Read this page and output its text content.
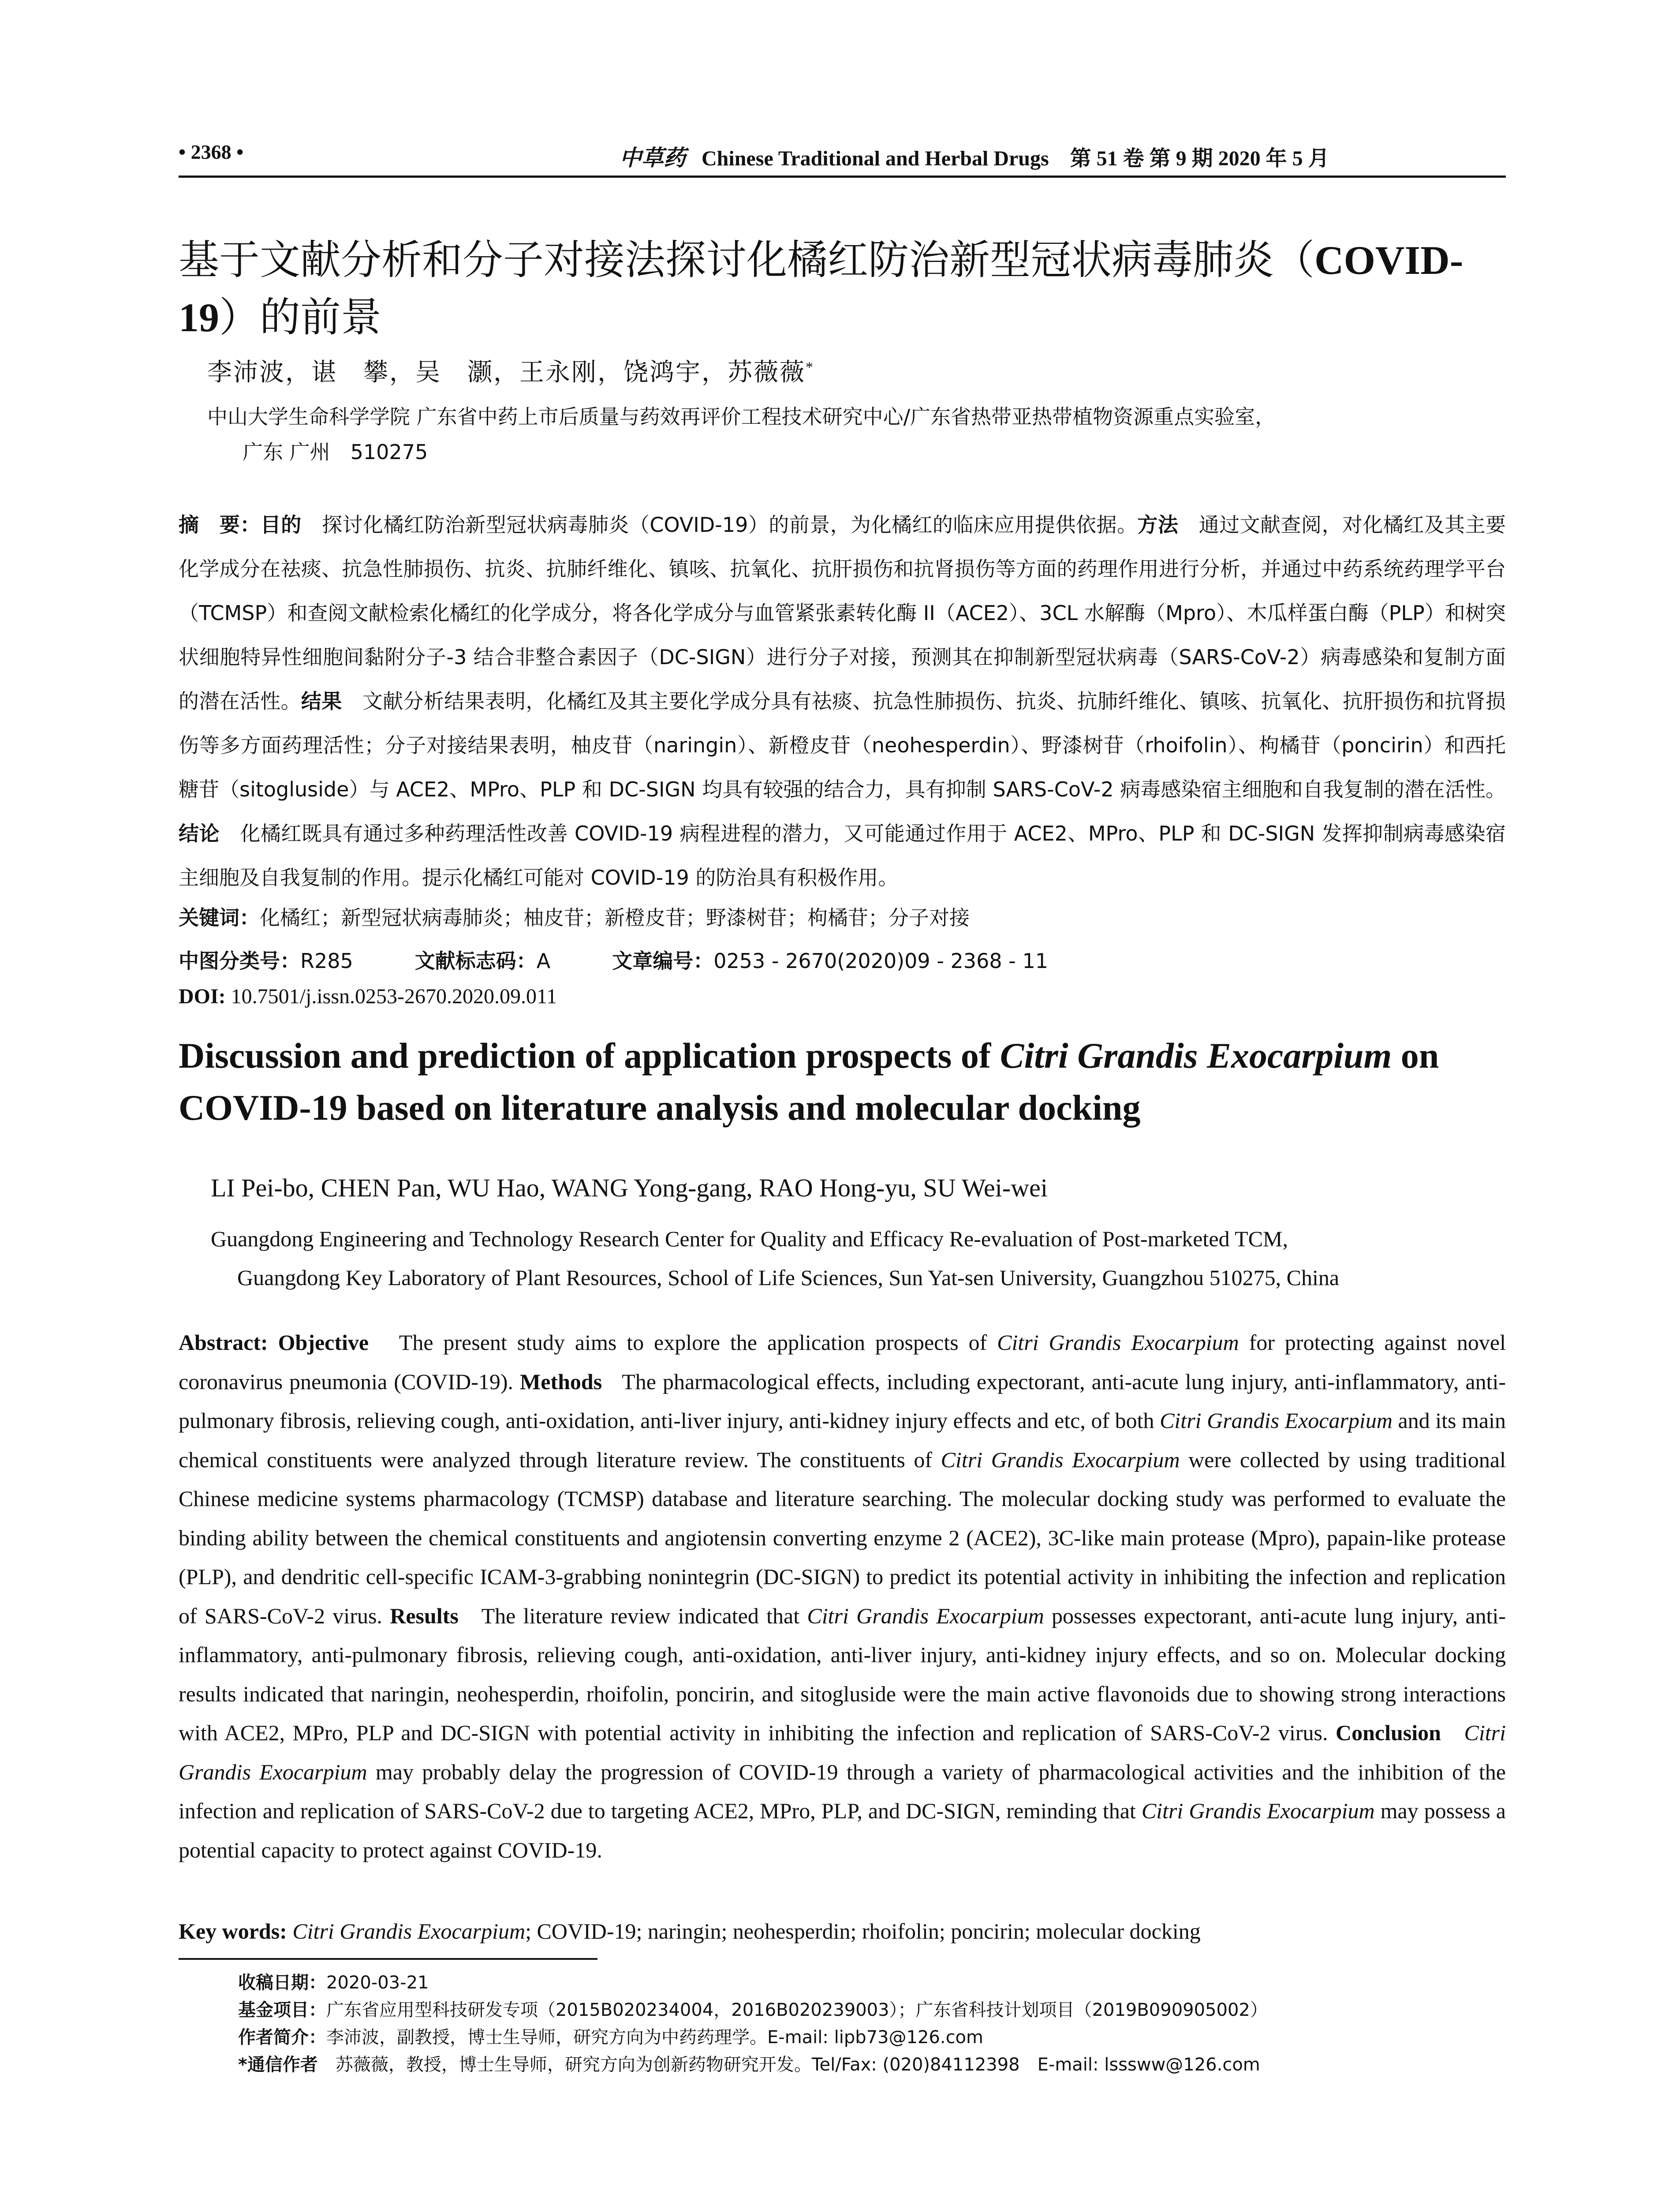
• 2368 •	中草药 Chinese Traditional and Herbal Drugs　第 51 卷 第 9 期 2020 年 5 月
基于文献分析和分子对接法探讨化橘红防治新型冠状病毒肺炎（COVID-19）的前景
李沛波，谌　攀，吴　灏，王永刚，饶鸿宇，苏薇薇*
中山大学生命科学学院 广东省中药上市后质量与药效再评价工程技术研究中心/广东省热带亚热带植物资源重点实验室，
广东 广州　510275
摘　要：目的　 探讨化橘红防治新型冠状病毒肺炎（COVID-19）的前景，为化橘红的临床应用提供依据。方法　 通过文献查阅，对化橘红及其主要化学成分在祛痰、抗急性肺损伤、抗炎、抗肺纤维化、镇咳、抗氧化、抗肝损伤和抗肾损伤等方面的药理作用进行分析，并通过中药系统药理学平台（TCMSP）和查阅文献检索化橘红的化学成分，将各化学成分与血管紧张素转化酶 II（ACE2）、3CL 水解酶（Mpro）、木瓜样蛋白酶（PLP）和树突状细胞特异性细胞间黏附分子-3 结合非整合素因子（DC-SIGN）进行分子对接，预测其在抑制新型冠状病毒（SARS-CoV-2）病毒感染和复制方面的潜在活性。结果　 文献分析结果表明，化橘红及其主要化学成分具有祛痰、抗急性肺损伤、抗炎、抗肺纤维化、镇咳、抗氧化、抗肝损伤和抗肾损伤等多方面药理活性；分子对接结果表明，柚皮苷（naringin）、新橙皮苷（neohesperdin）、野漆树苷（rhoifolin）、枸橘苷（poncirin）和西托糖苷（sitogluside）与 ACE2、MPro、PLP 和 DC-SIGN 均具有较强的结合力，具有抑制 SARS-CoV-2 病毒感染宿主细胞和自我复制的潜在活性。结论　 化橘红既具有通过多种药理活性改善 COVID-19 病程进程的潜力，又可能通过作用于 ACE2、MPro、PLP 和 DC-SIGN 发挥抑制病毒感染宿主细胞及自我复制的作用。提示化橘红可能对 COVID-19 的防治具有积极作用。
关键词：化橘红；新型冠状病毒肺炎；柚皮苷；新橙皮苷；野漆树苷；枸橘苷；分子对接
中图分类号：R285	文献标志码：A	文章编号：0253 - 2670(2020)09 - 2368 - 11
DOI: 10.7501/j.issn.0253-2670.2020.09.011
Discussion and prediction of application prospects of Citri Grandis Exocarpium on COVID-19 based on literature analysis and molecular docking
LI Pei-bo, CHEN Pan, WU Hao, WANG Yong-gang, RAO Hong-yu, SU Wei-wei
Guangdong Engineering and Technology Research Center for Quality and Efficacy Re-evaluation of Post-marketed TCM,
Guangdong Key Laboratory of Plant Resources, School of Life Sciences, Sun Yat-sen University, Guangzhou 510275, China
Abstract: Objective The present study aims to explore the application prospects of Citri Grandis Exocarpium for protecting against novel coronavirus pneumonia (COVID-19). Methods The pharmacological effects, including expectorant, anti-acute lung injury, anti-inflammatory, anti-pulmonary fibrosis, relieving cough, anti-oxidation, anti-liver injury, anti-kidney injury effects and etc, of both Citri Grandis Exocarpium and its main chemical constituents were analyzed through literature review. The constituents of Citri Grandis Exocarpium were collected by using traditional Chinese medicine systems pharmacology (TCMSP) database and literature searching. The molecular docking study was performed to evaluate the binding ability between the chemical constituents and angiotensin converting enzyme 2 (ACE2), 3C-like main protease (Mpro), papain-like protease (PLP), and dendritic cell-specific ICAM-3-grabbing nonintegrin (DC-SIGN) to predict its potential activity in inhibiting the infection and replication of SARS-CoV-2 virus. Results The literature review indicated that Citri Grandis Exocarpium possesses expectorant, anti-acute lung injury, anti-inflammatory, anti-pulmonary fibrosis, relieving cough, anti-oxidation, anti-liver injury, anti-kidney injury effects, and so on. Molecular docking results indicated that naringin, neohesperdin, rhoifolin, poncirin, and sitogluside were the main active flavonoids due to showing strong interactions with ACE2, MPro, PLP and DC-SIGN with potential activity in inhibiting the infection and replication of SARS-CoV-2 virus. Conclusion Citri Grandis Exocarpium may probably delay the progression of COVID-19 through a variety of pharmacological activities and the inhibition of the infection and replication of SARS-CoV-2 due to targeting ACE2, MPro, PLP, and DC-SIGN, reminding that Citri Grandis Exocarpium may possess a potential capacity to protect against COVID-19.
Key words: Citri Grandis Exocarpium; COVID-19; naringin; neohesperdin; rhoifolin; poncirin; molecular docking
收稿日期：2020-03-21
基金项目：广东省应用型科技研发专项（2015B020234004，2016B020239003）；广东省科技计划项目（2019B090905002）
作者简介：李沛波，副教授，博士生导师，研究方向为中药药理学。E-mail: lipb73@126.com
*通信作者　 苏薇薇，教授，博士生导师，研究方向为创新药物研究开发。Tel/Fax: (020)84112398　E-mail: lsssww@126.com
